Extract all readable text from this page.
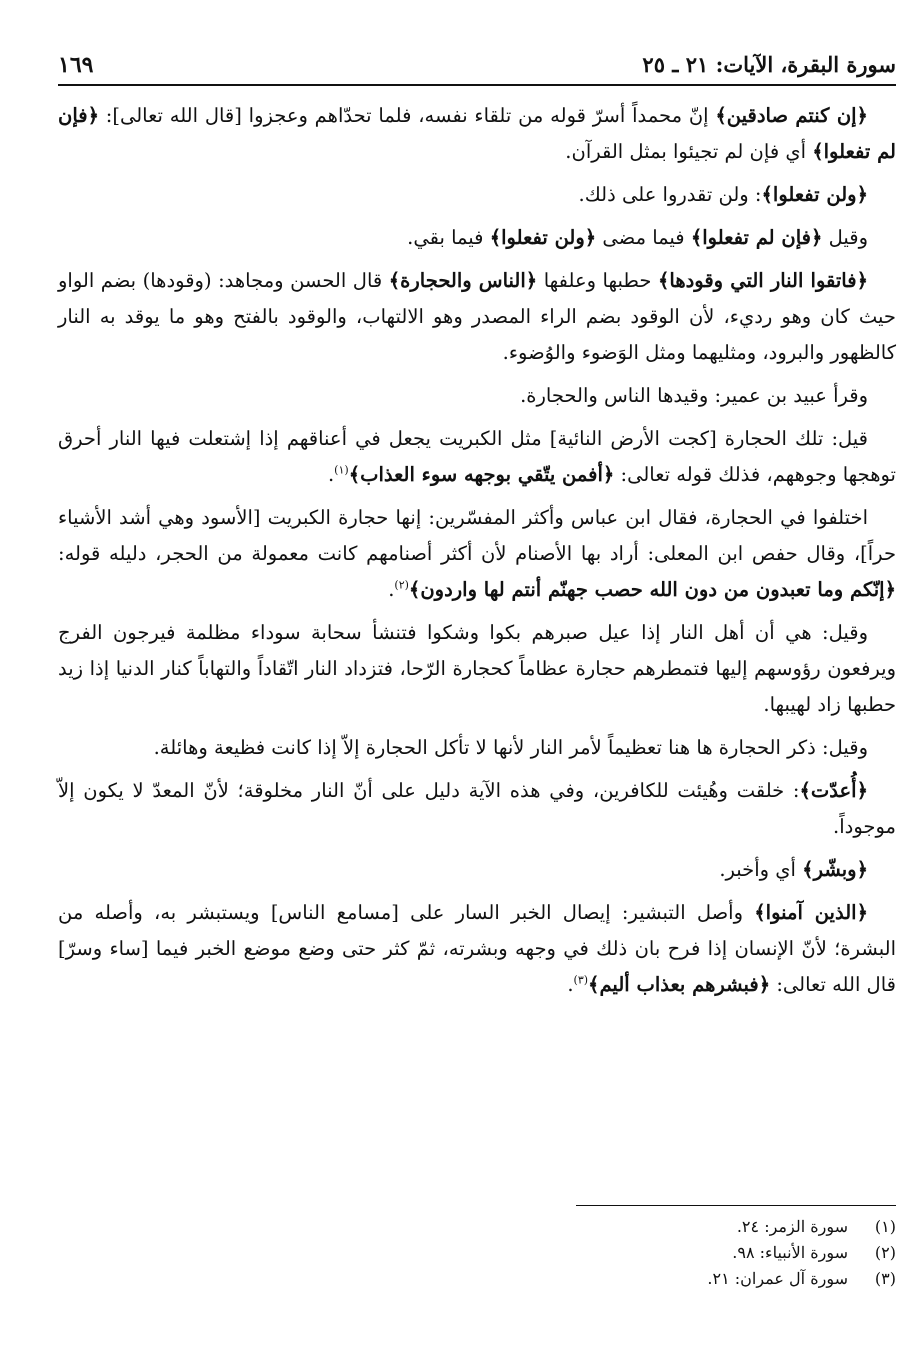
سورة البقرة، الآيات: ٢١ ـ ٢٥
١٦٩

﴿إن كنتم صادقين﴾ إنّ محمداً أسرّ قوله من تلقاء نفسه، فلما تحدّاهم وعجزوا [قال الله تعالى]: ﴿فإن لم تفعلوا﴾ أي فإن لم تجيئوا بمثل القرآن.

﴿ولن تفعلوا﴾: ولن تقدروا على ذلك.

وقيل ﴿فإن لم تفعلوا﴾ فيما مضى ﴿ولن تفعلوا﴾ فيما بقي.

﴿فاتقوا النار التي وقودها﴾ حطبها وعلفها ﴿الناس والحجارة﴾ قال الحسن ومجاهد: (وقودها) بضم الواو حيث كان وهو رديء، لأن الوقود بضم الراء المصدر وهو الالتهاب، والوقود بالفتح وهو ما يوقد به النار كالظهور والبرود، ومثليهما ومثل الوَضوء والوُضوء.

وقرأ عبيد بن عمير: وقيدها الناس والحجارة.

قيل: تلك الحجارة [كجت الأرض النائية] مثل الكبريت يجعل في أعناقهم إذا إشتعلت فيها النار أحرق توهجها وجوههم، فذلك قوله تعالى: ﴿أفمن يتّقي بوجهه سوء العذاب﴾$^{(١)}$.

اختلفوا في الحجارة، فقال ابن عباس وأكثر المفسّرين: إنها حجارة الكبريت [الأسود وهي أشد الأشياء حراً]، وقال حفص ابن المعلى: أراد بها الأصنام لأن أكثر أصنامهم كانت معمولة من الحجر، دليله قوله: ﴿إنّكم وما تعبدون من دون الله حصب جهنّم أنتم لها واردون﴾$^{(٢)}$.

وقيل: هي أن أهل النار إذا عيل صبرهم بكوا وشكوا فتنشأ سحابة سوداء مظلمة فيرجون الفرج ويرفعون رؤوسهم إليها فتمطرهم حجارة عظاماً كحجارة الرّحا، فتزداد النار اتّقاداً والتهاباً كنار الدنيا إذا زيد حطبها زاد لهيبها.

وقيل: ذكر الحجارة ها هنا تعظيماً لأمر النار لأنها لا تأكل الحجارة إلاّ إذا كانت فظيعة وهائلة.

﴿أُعدّت﴾: خلقت وهُيئت للكافرين، وفي هذه الآية دليل على أنّ النار مخلوقة؛ لأنّ المعدّ لا يكون إلاّ موجوداً.

﴿وبشّر﴾ أي وأخبر.

﴿الذين آمنوا﴾ وأصل التبشير: إيصال الخبر السار على [مسامع الناس] ويستبشر به، وأصله من البشرة؛ لأنّ الإنسان إذا فرح بان ذلك في وجهه وبشرته، ثمّ كثر حتى وضع موضع الخبر فيما [ساء وسرّ] قال الله تعالى: ﴿فبشرهم بعذاب أليم﴾$^{(٣)}$.

(١)
سورة الزمر: ٢٤.
(٢)
سورة الأنبياء: ٩٨.
(٣)
سورة آل عمران: ٢١.
